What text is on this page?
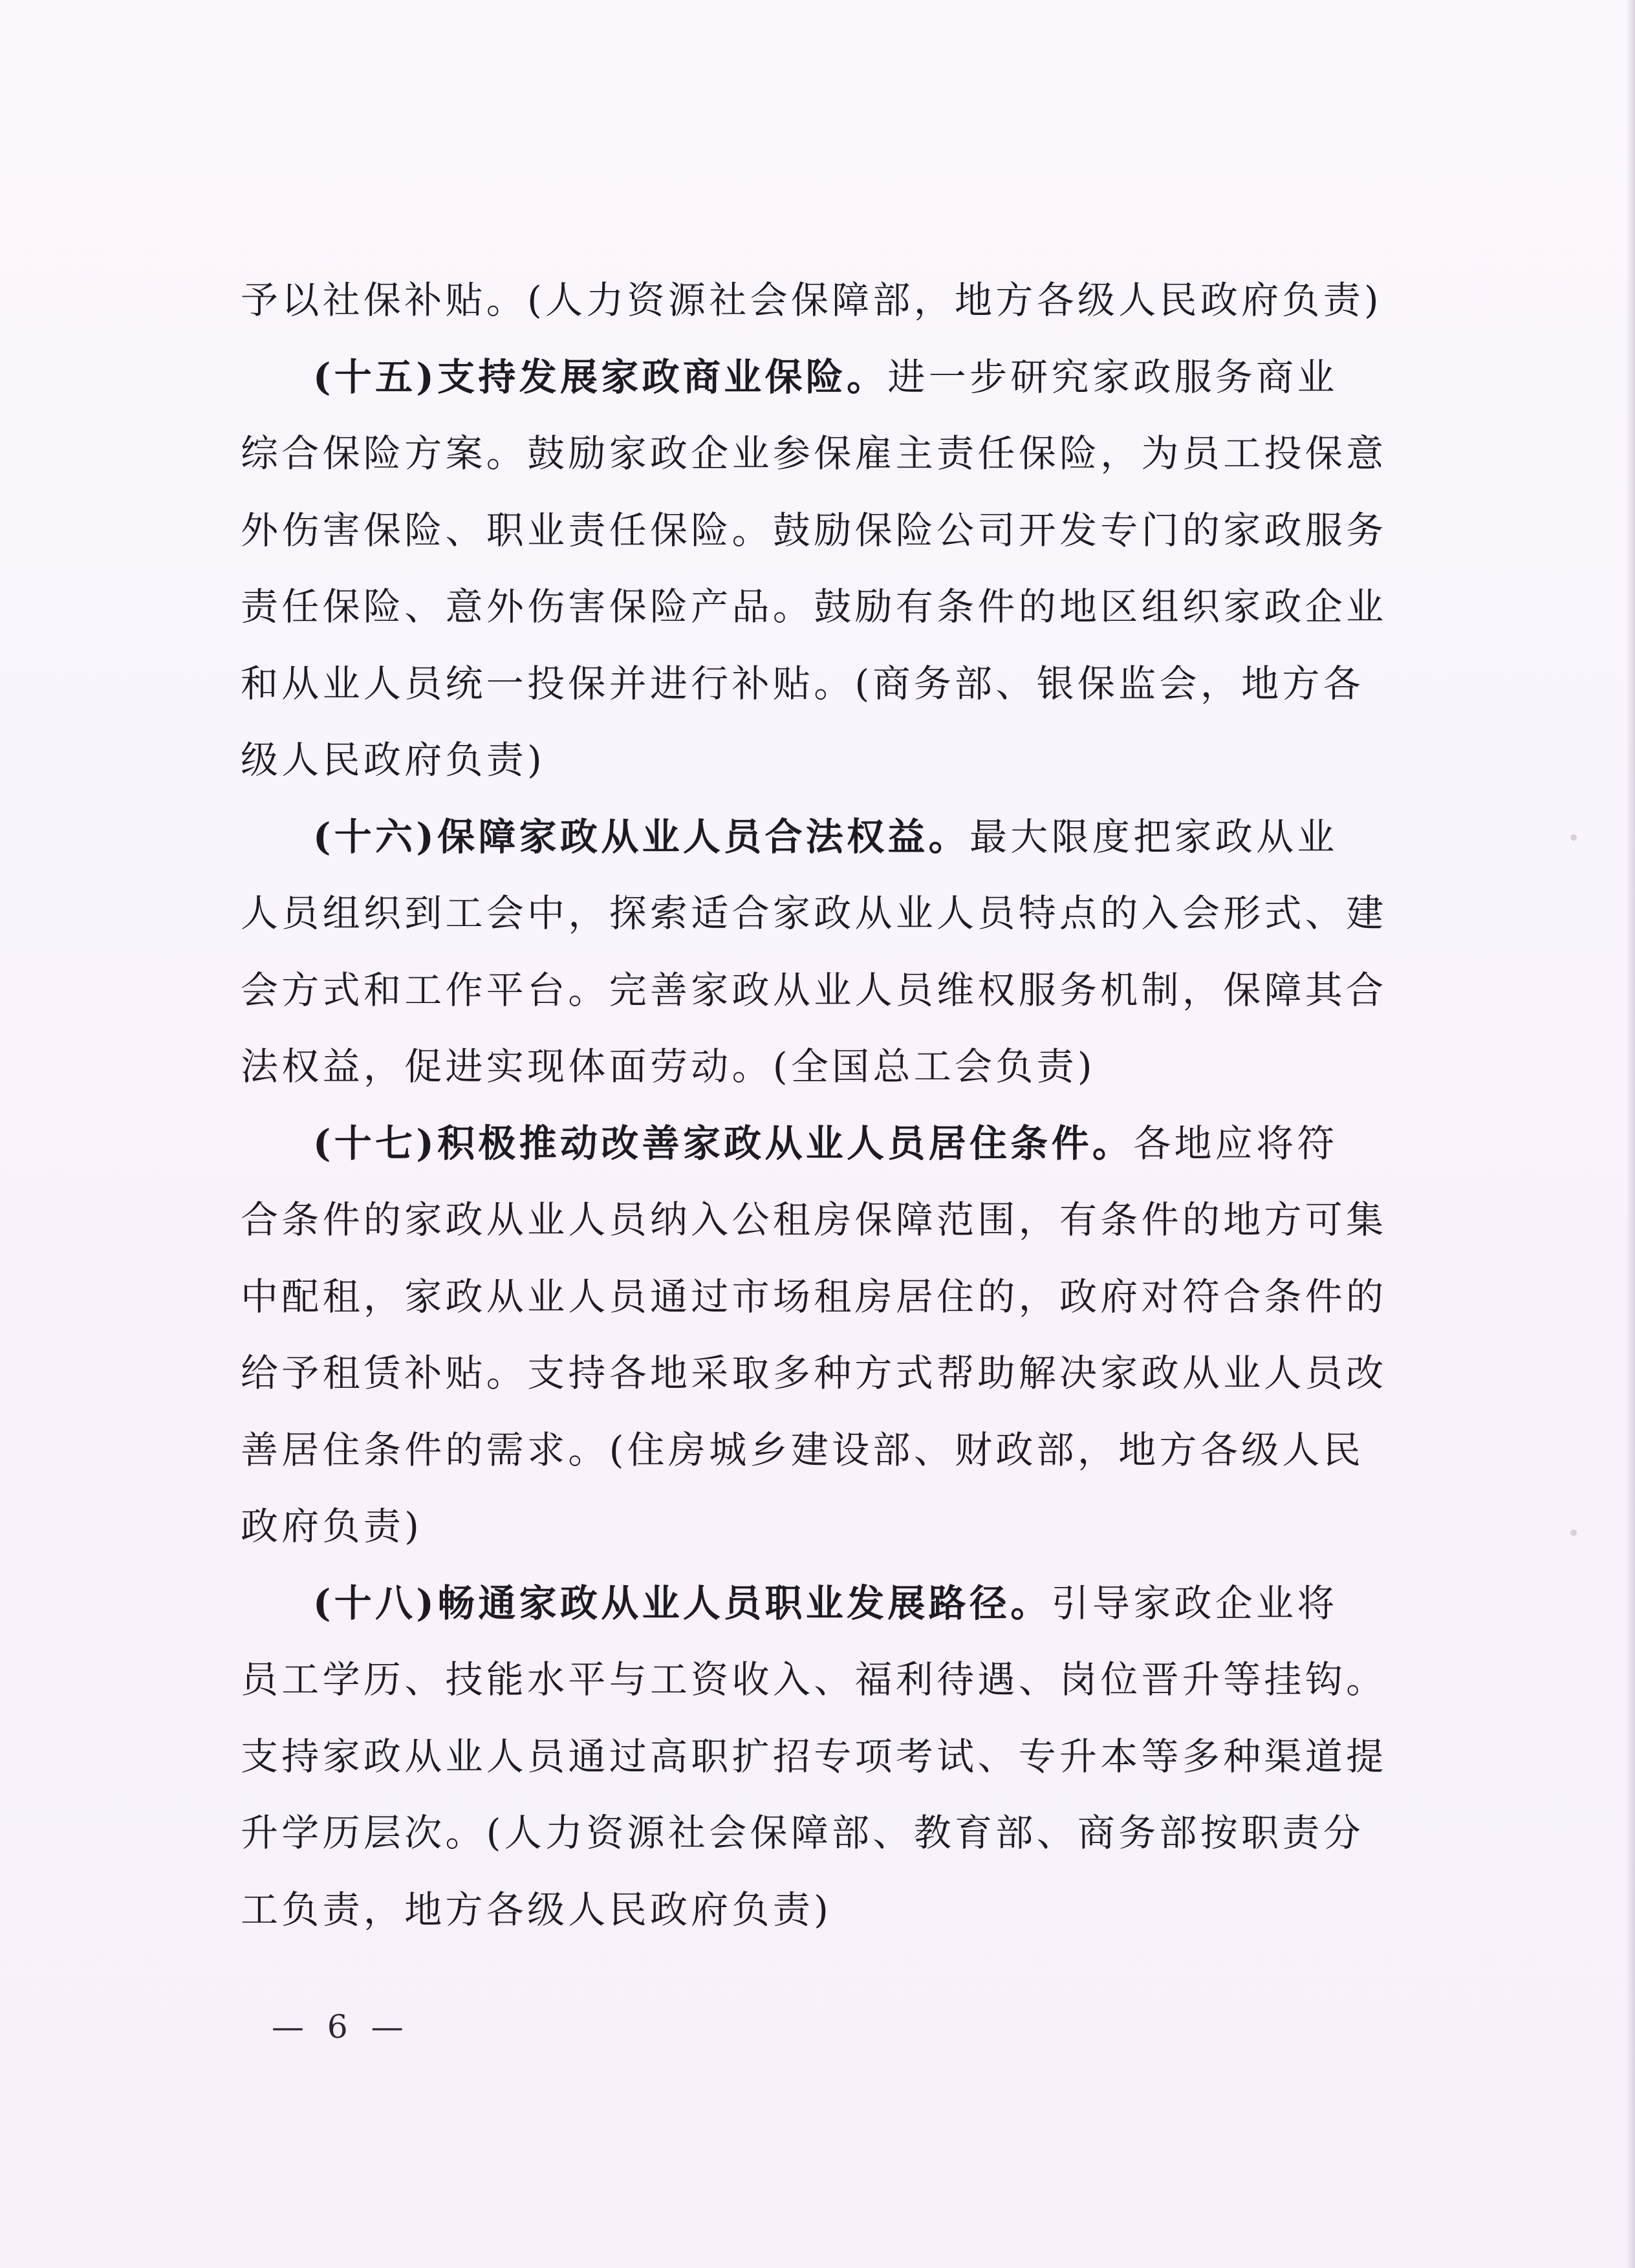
予以社保补贴。(人力资源社会保障部，地方各级人民政府负责)
(十五)支持发展家政商业保险。进一步研究家政服务商业
综合保险方案。鼓励家政企业参保雇主责任保险，为员工投保意
外伤害保险、职业责任保险。鼓励保险公司开发专门的家政服务
责任保险、意外伤害保险产品。鼓励有条件的地区组织家政企业
和从业人员统一投保并进行补贴。(商务部、银保监会，地方各
级人民政府负责)
(十六)保障家政从业人员合法权益。最大限度把家政从业
人员组织到工会中，探索适合家政从业人员特点的入会形式、建
会方式和工作平台。完善家政从业人员维权服务机制，保障其合
法权益，促进实现体面劳动。(全国总工会负责)
(十七)积极推动改善家政从业人员居住条件。各地应将符
合条件的家政从业人员纳入公租房保障范围，有条件的地方可集
中配租，家政从业人员通过市场租房居住的，政府对符合条件的
给予租赁补贴。支持各地采取多种方式帮助解决家政从业人员改
善居住条件的需求。(住房城乡建设部、财政部，地方各级人民
政府负责)
(十八)畅通家政从业人员职业发展路径。引导家政企业将
员工学历、技能水平与工资收入、福利待遇、岗位晋升等挂钩。
支持家政从业人员通过高职扩招专项考试、专升本等多种渠道提
升学历层次。(人力资源社会保障部、教育部、商务部按职责分
工负责，地方各级人民政府负责)
— 6 —
